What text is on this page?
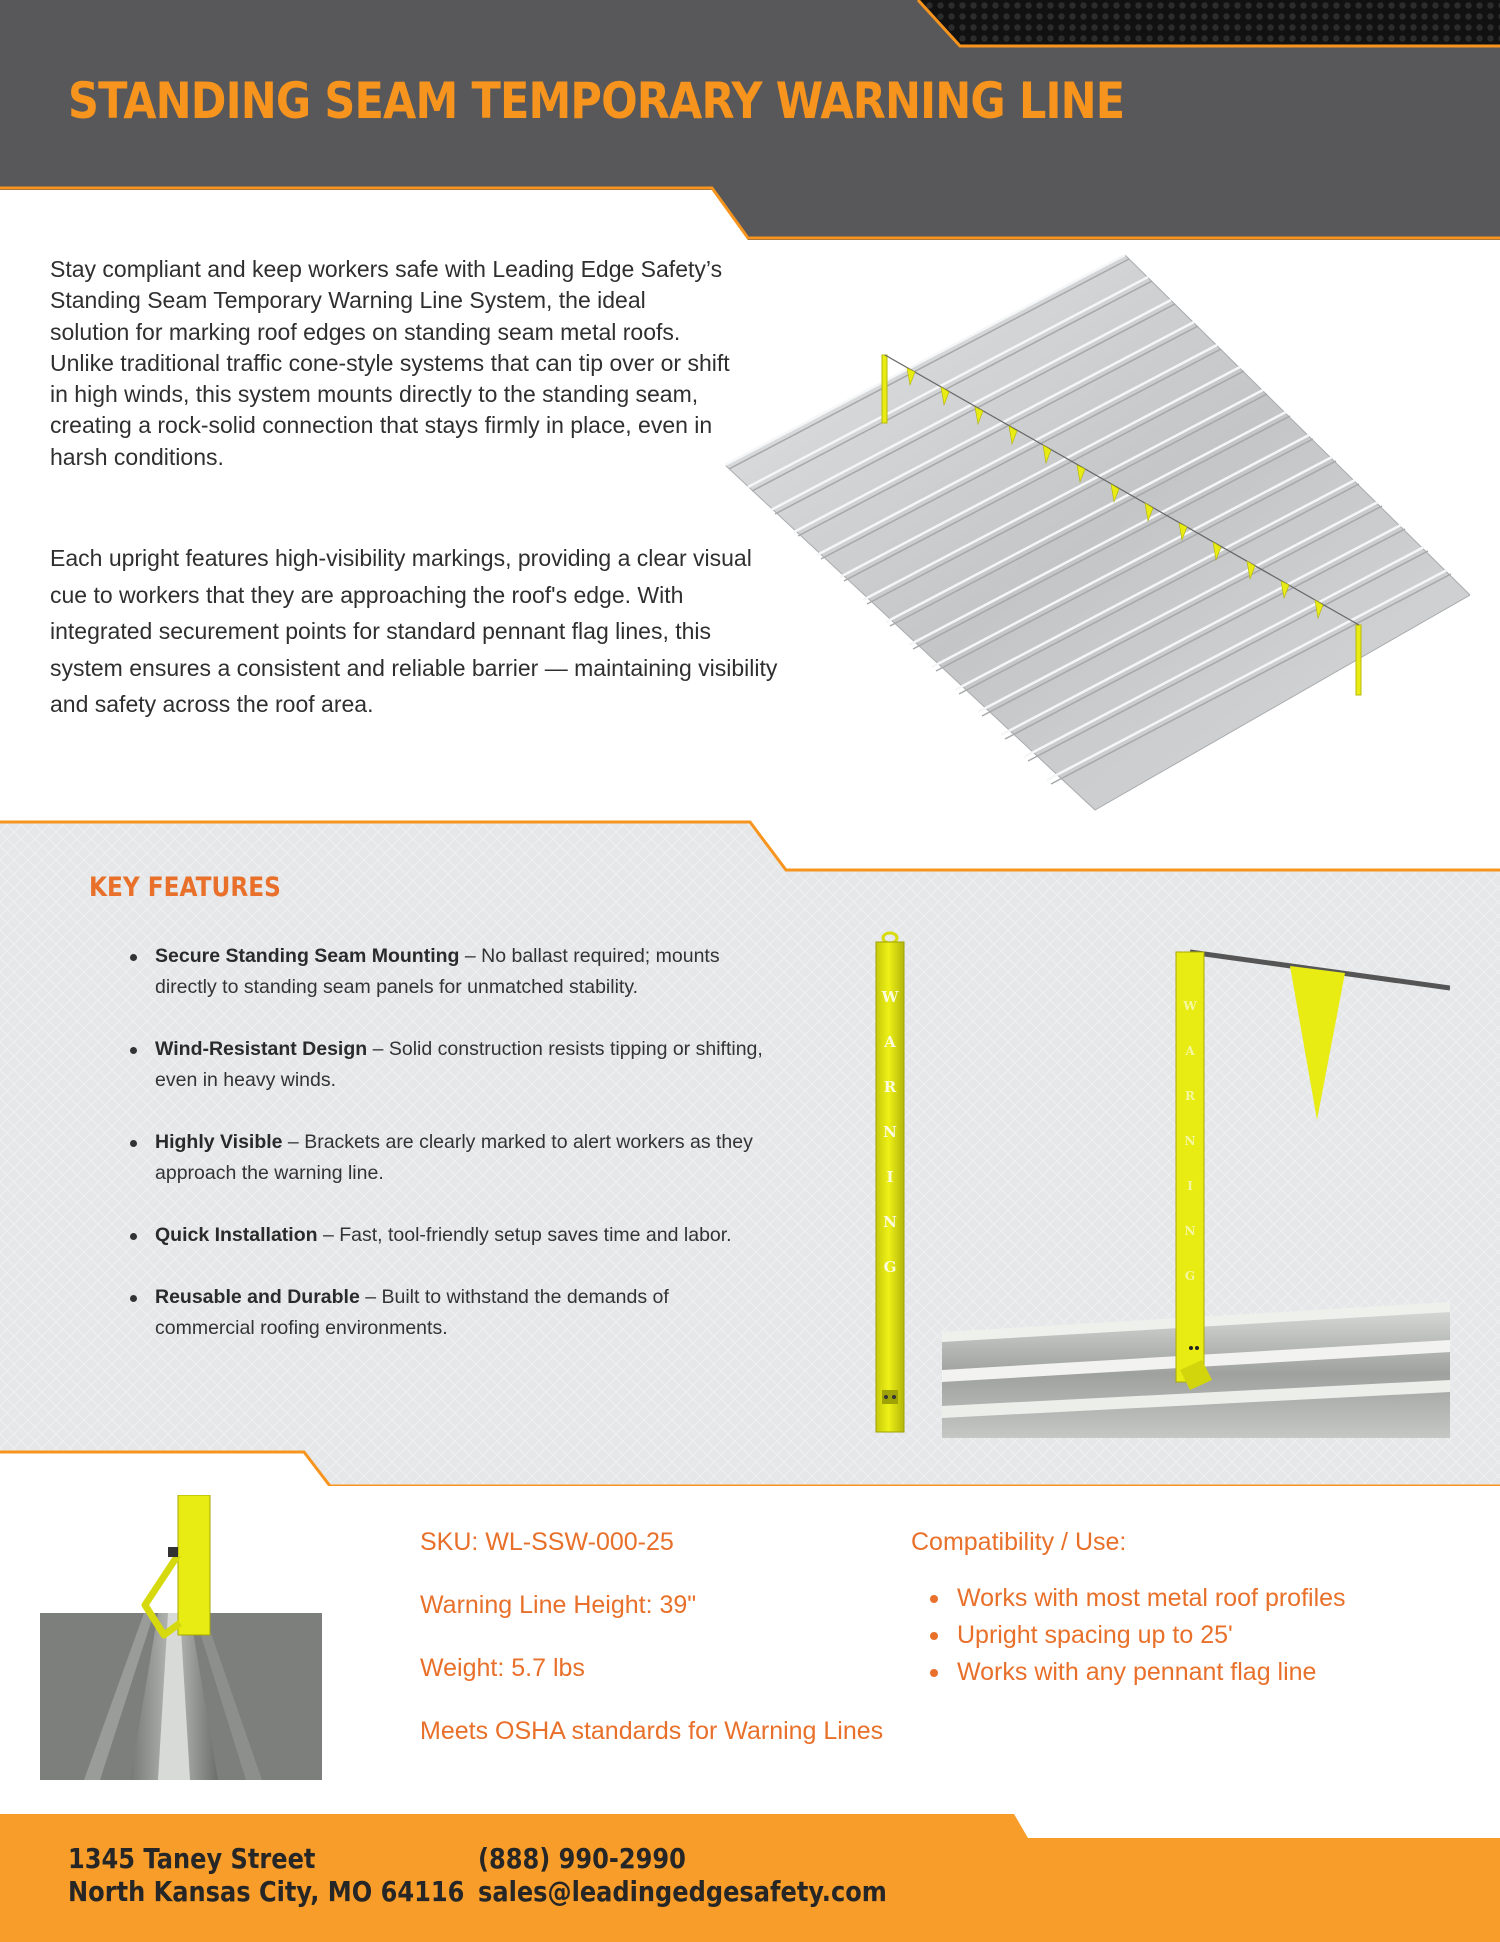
STANDING SEAM TEMPORARY WARNING LINE

Stay compliant and keep workers safe with Leading Edge Safety’s Standing Seam Temporary Warning Line System, the ideal solution for marking roof edges on standing seam metal roofs. Unlike traditional traffic cone-style systems that can tip over or shift in high winds, this system mounts directly to the standing seam, creating a rock-solid connection that stays firmly in place, even in harsh conditions.

Each upright features high-visibility markings, providing a clear visual cue to workers that they are approaching the roof's edge. With integrated securement points for standard pennant flag lines, this system ensures a consistent and reliable barrier — maintaining visibility and safety across the roof area.

KEY FEATURES
Secure Standing Seam Mounting – No ballast required; mounts directly to standing seam panels for unmatched stability.
Wind-Resistant Design – Solid construction resists tipping or shifting, even in heavy winds.
Highly Visible – Brackets are clearly marked to alert workers as they approach the warning line.
Quick Installation – Fast, tool-friendly setup saves time and labor.
Reusable and Durable – Built to withstand the demands of commercial roofing environments.
W
A
R
N
I
N
G
W
A
R
N
I
N
G
SKU: WL-SSW-000-25
Warning Line Height: 39"
Weight: 5.7 lbs
Meets OSHA standards for Warning Lines
Compatibility / Use:
Works with most metal roof profiles
Upright spacing up to 25'
Works with any pennant flag line
1345 Taney Street
North Kansas City, MO 64116
(888) 990-2990
sales@leadingedgesafety.com
